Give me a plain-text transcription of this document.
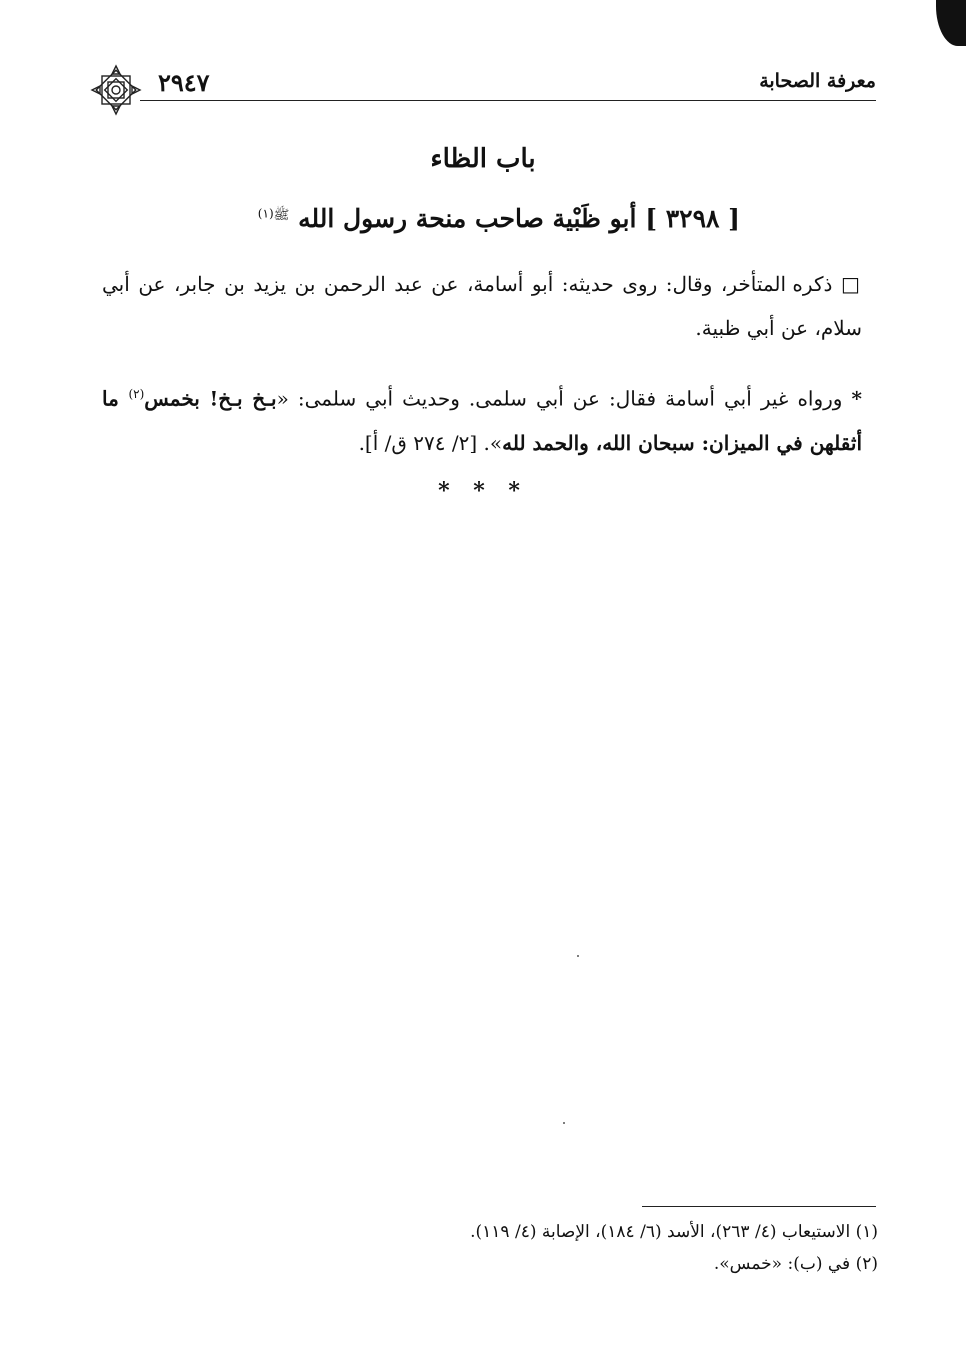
معرفة الصحابة
٢٩٤٧
باب الظاء
[ ٣٢٩٨ ] أبو ظَبْية صاحب منحة رسول الله $^{ﷺ(١)}$

□ ذكره المتأخر، وقال: روى حديثه: أبو أسامة، عن عبد الرحمن بن يزيد بن جابر، عن أبي سلام، عن أبي ظبية.

* ورواه غير أبي أسامة فقال: عن أبي سلمى. وحديث أبي سلمى: «بـخ بـخ! بخمس$^{(٢)}$ ما أثقلهن في الميزان: سبحان الله، والحمد لله». [٢/ ٢٧٤ ق/ أ].

* * *
(١) الاستيعاب (٤/ ٢٦٣)، الأسد (٦/ ١٨٤)، الإصابة (٤/ ١١٩).
(٢) في (ب): «خمس».
